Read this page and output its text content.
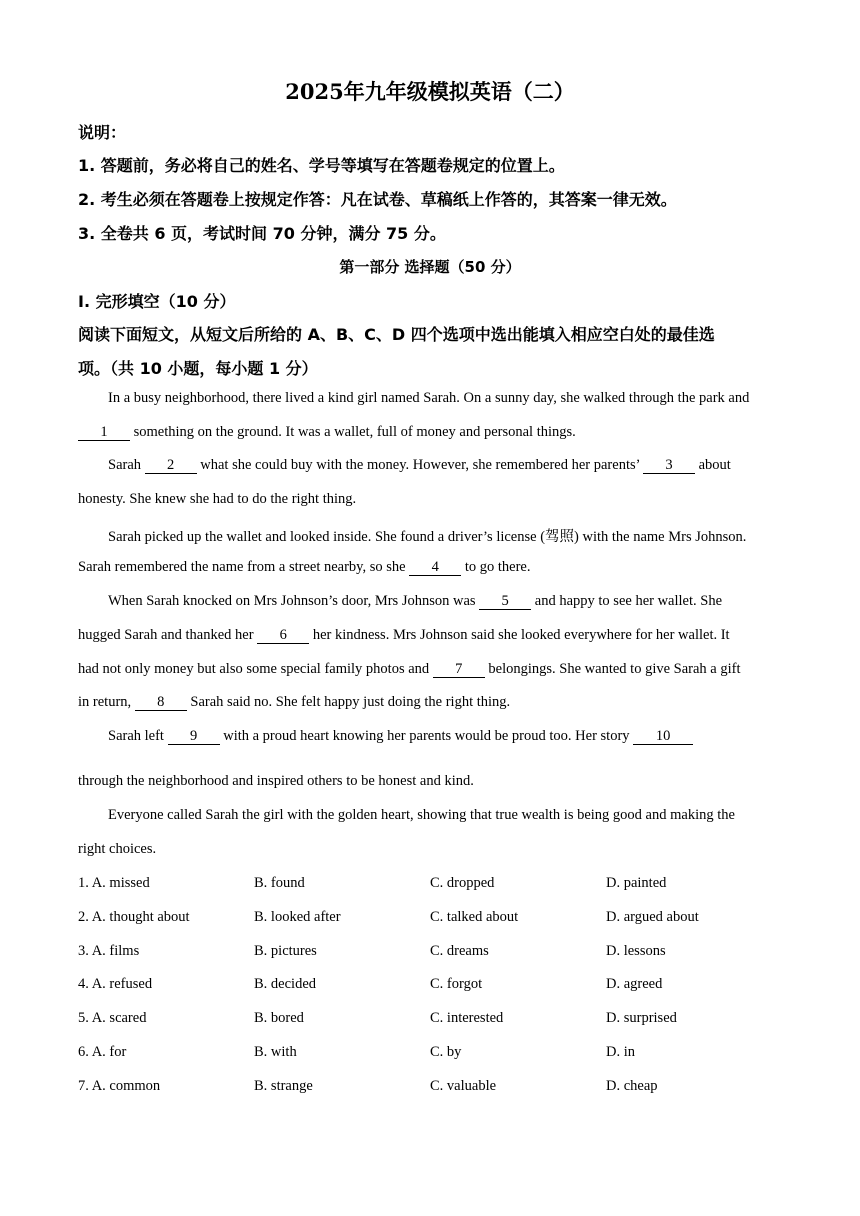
2025年九年级模拟英语（二）
说明：
1. 答题前，务必将自己的姓名、学号等填写在答题卷规定的位置上。
2. 考生必须在答题卷上按规定作答：凡在试卷、草稿纸上作答的，其答案一律无效。
3. 全卷共 6 页，考试时间 70 分钟，满分 75 分。
第一部分 选择题（50 分）
Ⅰ. 完形填空（10 分）
阅读下面短文，从短文后所给的 A、B、C、D 四个选项中选出能填入相应空白处的最佳选
项。（共 10 小题，每小题 1 分）
In a busy neighborhood, there lived a kind girl named Sarah. On a sunny day, she walked through the park and
1 something on the ground. It was a wallet, full of money and personal things.
Sarah 2 what she could buy with the money. However, she remembered her parents’ 3 about
honesty. She knew she had to do the right thing.
Sarah picked up the wallet and looked inside. She found a driver’s license (驾照) with the name Mrs Johnson.
Sarah remembered the name from a street nearby, so she 4 to go there.
When Sarah knocked on Mrs Johnson’s door, Mrs Johnson was 5 and happy to see her wallet. She
hugged Sarah and thanked her 6 her kindness. Mrs Johnson said she looked everywhere for her wallet. It
had not only money but also some special family photos and 7 belongings. She wanted to give Sarah a gift
in return, 8 Sarah said no. She felt happy just doing the right thing.
Sarah left 9 with a proud heart knowing her parents would be proud too. Her story 10
through the neighborhood and inspired others to be honest and kind.
Everyone called Sarah the girl with the golden heart, showing that true wealth is being good and making the
right choices.
1. A. missed	B. found	C. dropped	D. painted
2. A. thought about	B. looked after	C. talked about	D. argued about
3. A. films	B. pictures	C. dreams	D. lessons
4. A. refused	B. decided	C. forgot	D. agreed
5. A. scared	B. bored	C. interested	D. surprised
6. A. for	B. with	C. by	D. in
7. A. common	B. strange	C. valuable	D. cheap
